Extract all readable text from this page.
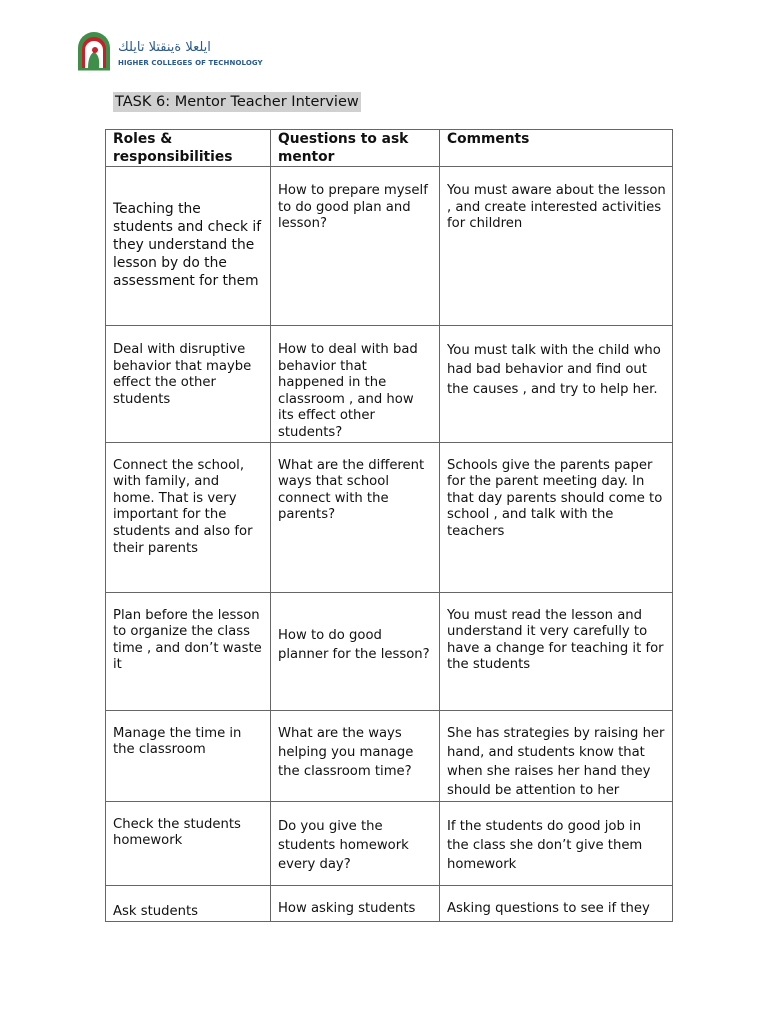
كليات التقنية العليا
HIGHER COLLEGES OF TECHNOLOGY
TASK 6: Mentor Teacher Interview
Roles & responsibilities	Questions to ask mentor	Comments

Teaching the students and check if they understand the lesson by do the assessment for them	How to prepare myself to do good plan and lesson?	You must aware about the lesson , and create interested activities for children

Deal with disruptive behavior that maybe effect the other students	How to deal with bad behavior that happened in the classroom , and how its effect other students?	You must talk with the child who had bad behavior and find out the causes , and try to help her.

Connect the school, with family, and home. That is very important for the students and also for their parents	What are the different ways that school connect with the parents?	Schools give the parents paper for the parent meeting day. In that day parents should come to school , and talk with the teachers

Plan before the lesson to organize the class time , and don’t waste it	How to do good planner for the lesson?	You must read the lesson and understand it very carefully to have a change for teaching it for the students

Manage the time in the classroom	What are the ways helping you manage the classroom time?	She has strategies by raising her hand, and students know that when she raises her hand they should be attention to her

Check the students homework	Do you give the students homework every day?	If the students do good job in the class she don’t give them homework

Ask students	How asking students	Asking questions to see if they
